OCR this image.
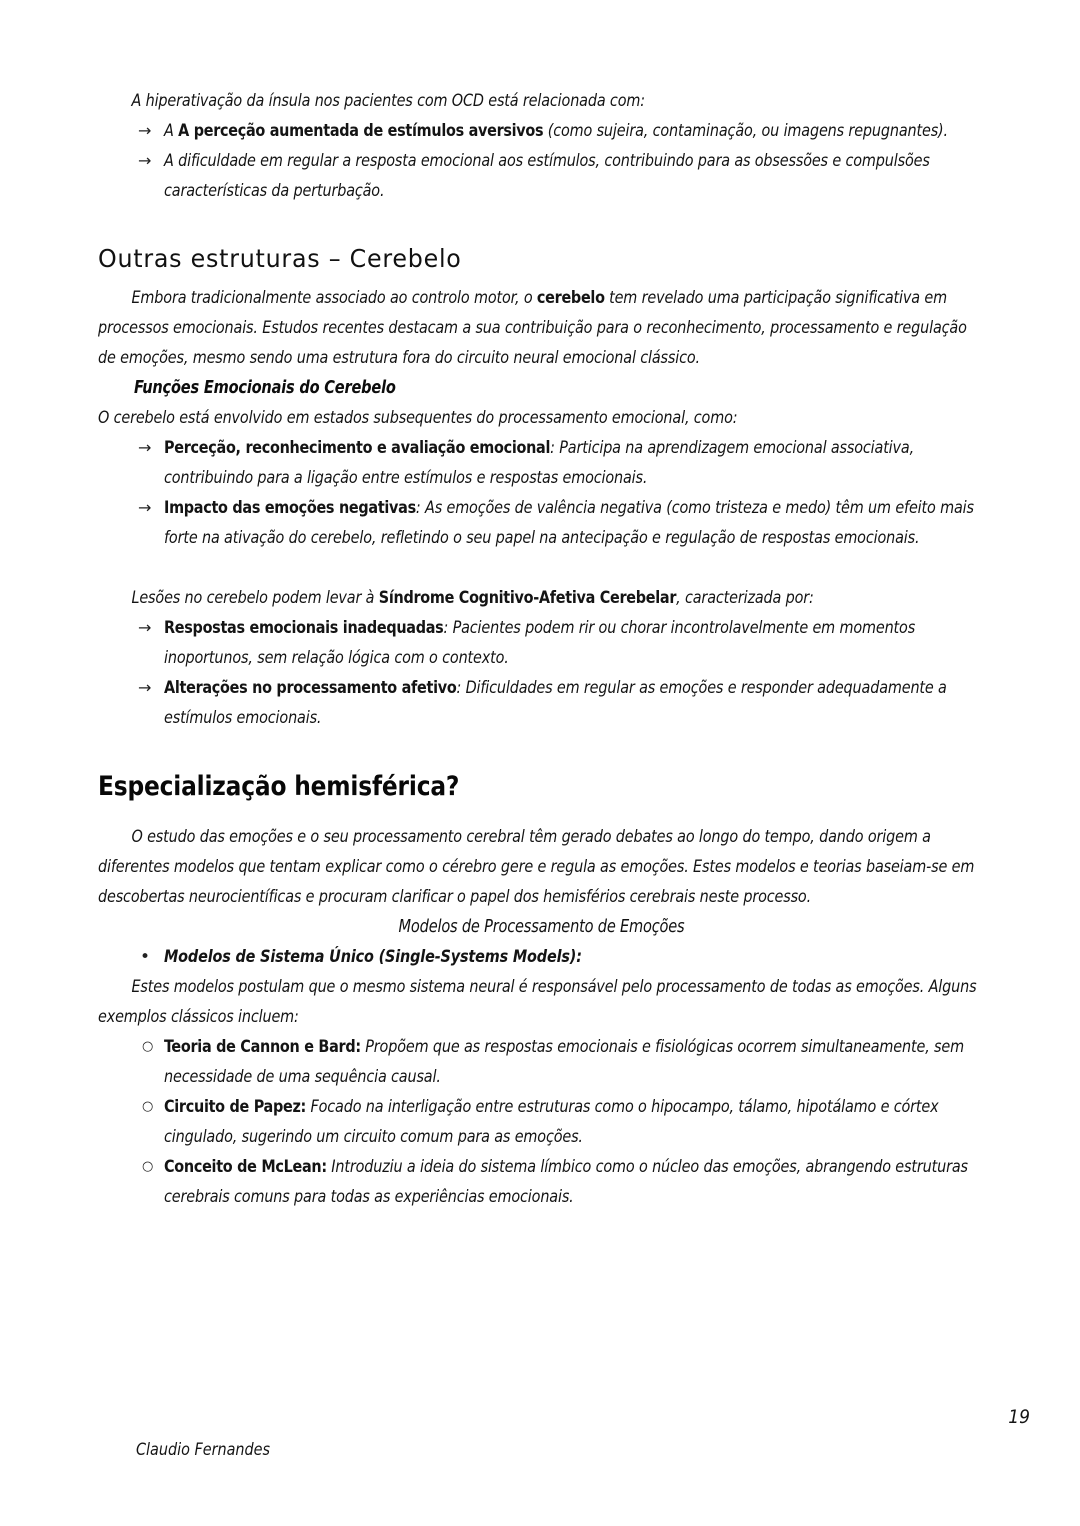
A hiperativação da ínsula nos pacientes com OCD está relacionada com:

→ A A perceção aumentada de estímulos aversivos (como sujeira, contaminação, ou imagens repugnantes).
→ A dificuldade em regular a resposta emocional aos estímulos, contribuindo para as obsessões e compulsões características da perturbação.
Outras estruturas – Cerebelo

Embora tradicionalmente associado ao controlo motor, o cerebelo tem revelado uma participação significativa em processos emocionais. Estudos recentes destacam a sua contribuição para o reconhecimento, processamento e regulação de emoções, mesmo sendo uma estrutura fora do circuito neural emocional clássico.

Funções Emocionais do Cerebelo

O cerebelo está envolvido em estados subsequentes do processamento emocional, como:

→ Perceção, reconhecimento e avaliação emocional: Participa na aprendizagem emocional associativa, contribuindo para a ligação entre estímulos e respostas emocionais.
→ Impacto das emoções negativas: As emoções de valência negativa (como tristeza e medo) têm um efeito mais forte na ativação do cerebelo, refletindo o seu papel na antecipação e regulação de respostas emocionais.

Lesões no cerebelo podem levar à Síndrome Cognitivo-Afetiva Cerebelar, caracterizada por:

→ Respostas emocionais inadequadas: Pacientes podem rir ou chorar incontrolavelmente em momentos inoportunos, sem relação lógica com o contexto.
→ Alterações no processamento afetivo: Dificuldades em regular as emoções e responder adequadamente a estímulos emocionais.
Especialização hemisférica?

O estudo das emoções e o seu processamento cerebral têm gerado debates ao longo do tempo, dando origem a diferentes modelos que tentam explicar como o cérebro gere e regula as emoções. Estes modelos e teorias baseiam-se em descobertas neurocientíficas e procuram clarificar o papel dos hemisférios cerebrais neste processo.

Modelos de Processamento de Emoções

• Modelos de Sistema Único (Single-Systems Models):

Estes modelos postulam que o mesmo sistema neural é responsável pelo processamento de todas as emoções. Alguns exemplos clássicos incluem:

○ Teoria de Cannon e Bard: Propõem que as respostas emocionais e fisiológicas ocorrem simultaneamente, sem necessidade de uma sequência causal.
○ Circuito de Papez: Focado na interligação entre estruturas como o hipocampo, tálamo, hipotálamo e córtex cingulado, sugerindo um circuito comum para as emoções.
○ Conceito de McLean: Introduziu a ideia do sistema límbico como o núcleo das emoções, abrangendo estruturas cerebrais comuns para todas as experiências emocionais.
19
Claudio Fernandes
